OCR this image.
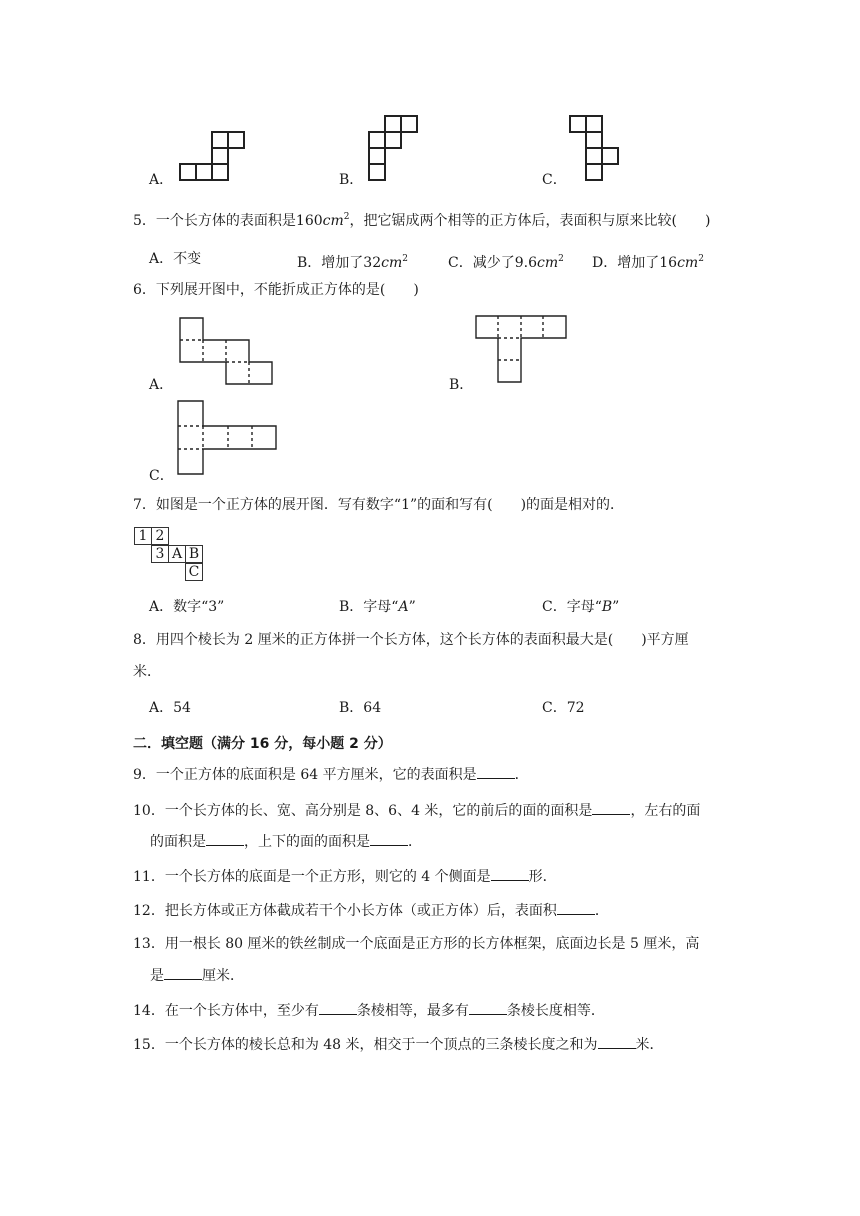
A．	B．	C．
5．一个长方体的表面积是$160cm^2$，把它锯成两个相等的正方体后，表面积与原来比较( )
A．不变	B．增加了$32cm^2$	C．减少了$9.6cm^2$ D．增加了$16cm^2$
6．下列展开图中，不能折成正方体的是( )
A．	B．
C．
7．如图是一个正方体的展开图．写有数字“1”的面和写有( )的面是相对的．
1 2
3 A B
C
A．数字“3”	B．字母“A”	C．字母“B”
8．用四个棱长为 2 厘米的正方体拼一个长方体，这个长方体的表面积最大是( )平方厘
米．
A．54	B．64	C．72
二．填空题（满分 16 分，每小题 2 分）
9．一个正方体的底面积是 64 平方厘米，它的表面积是	．
10．一个长方体的长、宽、高分别是 8、6、4 米，它的前后的面的面积是	，左右的面
的面积是	，上下的面的面积是	．
11．一个长方体的底面是一个正方形，则它的 4 个侧面是	形．
12．把长方体或正方体截成若干个小长方体（或正方体）后，表面积	．
13．用一根长 80 厘米的铁丝制成一个底面是正方形的长方体框架，底面边长是 5 厘米，高
是	厘米．
14．在一个长方体中，至少有	条棱相等，最多有	条棱长度相等．
15．一个长方体的棱长总和为 48 米，相交于一个顶点的三条棱长度之和为	米．
